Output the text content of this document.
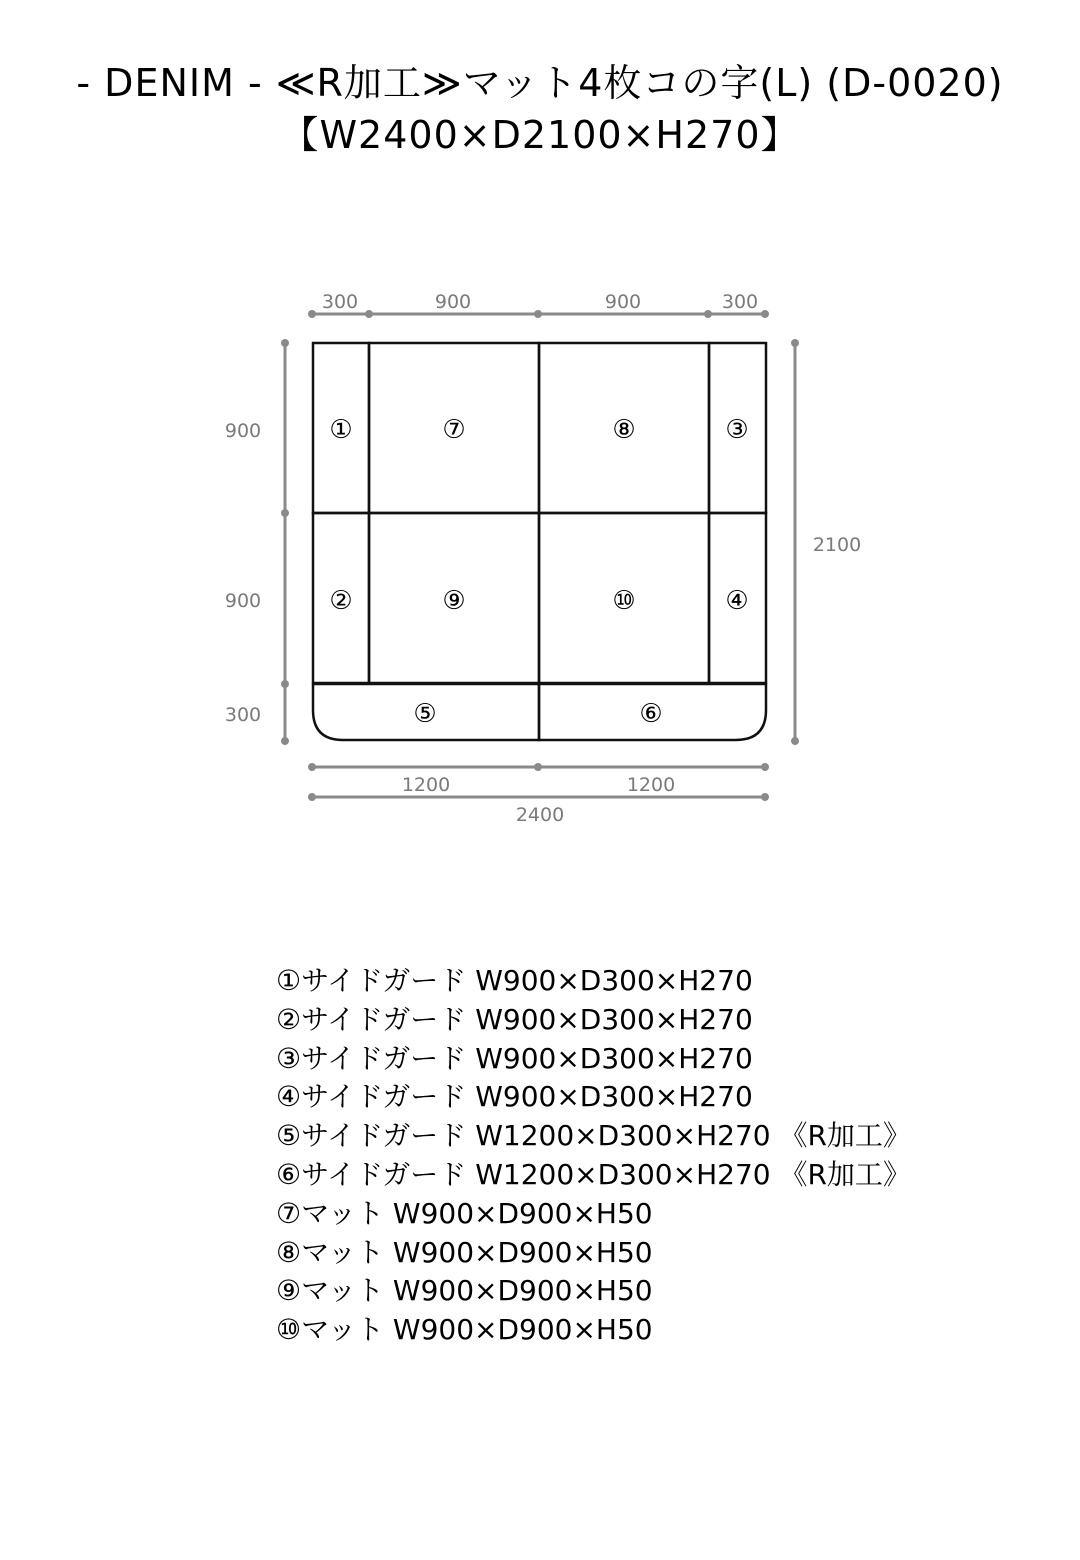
- DENIM - ≪R加工≫マット4枚コの字(L) (D-0020)
【W2400×D2100×H270】
300	900	900	300
900
900
300
2100
1200	1200
2400
①	⑦	⑧	③
②	⑨	⑩	④
⑤	⑥
①サイドガード W900×D300×H270
②サイドガード W900×D300×H270
③サイドガード W900×D300×H270
④サイドガード W900×D300×H270
⑤サイドガード W1200×D300×H270 《R加工》
⑥サイドガード W1200×D300×H270 《R加工》
⑦マット W900×D900×H50
⑧マット W900×D900×H50
⑨マット W900×D900×H50
⑩マット W900×D900×H50
